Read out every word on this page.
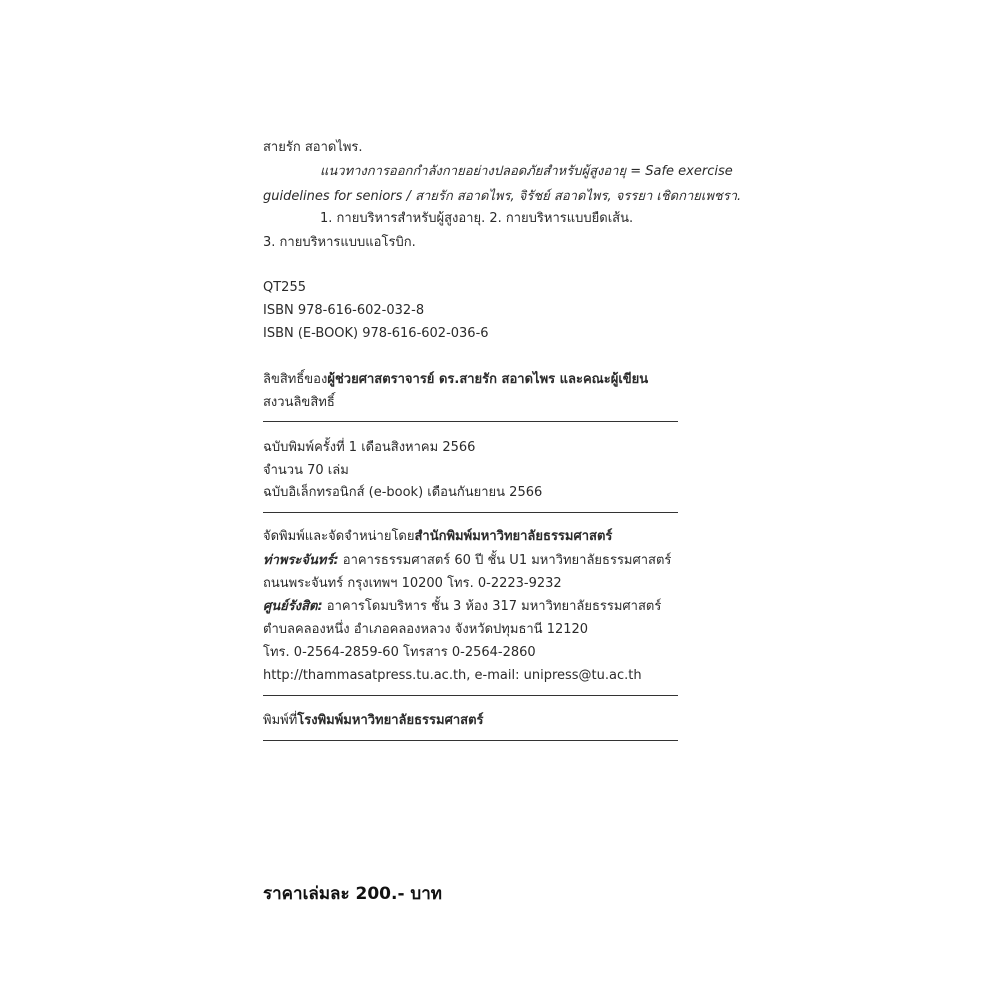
สายรัก สอาดไพร.
แนวทางการออกกำลังกายอย่างปลอดภัยสำหรับผู้สูงอายุ = Safe exercise
guidelines for seniors / สายรัก สอาดไพร, จิรัชย์ สอาดไพร, จรรยา เชิดกายเพชรา.
1. กายบริหารสำหรับผู้สูงอายุ. 2. กายบริหารแบบยืดเส้น.
3. กายบริหารแบบแอโรบิก.
QT255
ISBN 978-616-602-032-8
ISBN (E-BOOK) 978-616-602-036-6
ลิขสิทธิ์ของผู้ช่วยศาสตราจารย์ ดร.สายรัก สอาดไพร และคณะผู้เขียน
สงวนลิขสิทธิ์
ฉบับพิมพ์ครั้งที่ 1 เดือนสิงหาคม 2566
จำนวน 70 เล่ม
ฉบับอิเล็กทรอนิกส์ (e-book) เดือนกันยายน 2566
จัดพิมพ์และจัดจำหน่ายโดยสำนักพิมพ์มหาวิทยาลัยธรรมศาสตร์
ท่าพระจันทร์: อาคารธรรมศาสตร์ 60 ปี ชั้น U1 มหาวิทยาลัยธรรมศาสตร์
ถนนพระจันทร์ กรุงเทพฯ 10200 โทร. 0-2223-9232
ศูนย์รังสิต: อาคารโดมบริหาร ชั้น 3 ห้อง 317 มหาวิทยาลัยธรรมศาสตร์
ตำบลคลองหนึ่ง อำเภอคลองหลวง จังหวัดปทุมธานี 12120
โทร. 0-2564-2859-60 โทรสาร 0-2564-2860
http://thammasatpress.tu.ac.th, e-mail: unipress@tu.ac.th
พิมพ์ที่โรงพิมพ์มหาวิทยาลัยธรรมศาสตร์
ราคาเล่มละ 200.- บาท
